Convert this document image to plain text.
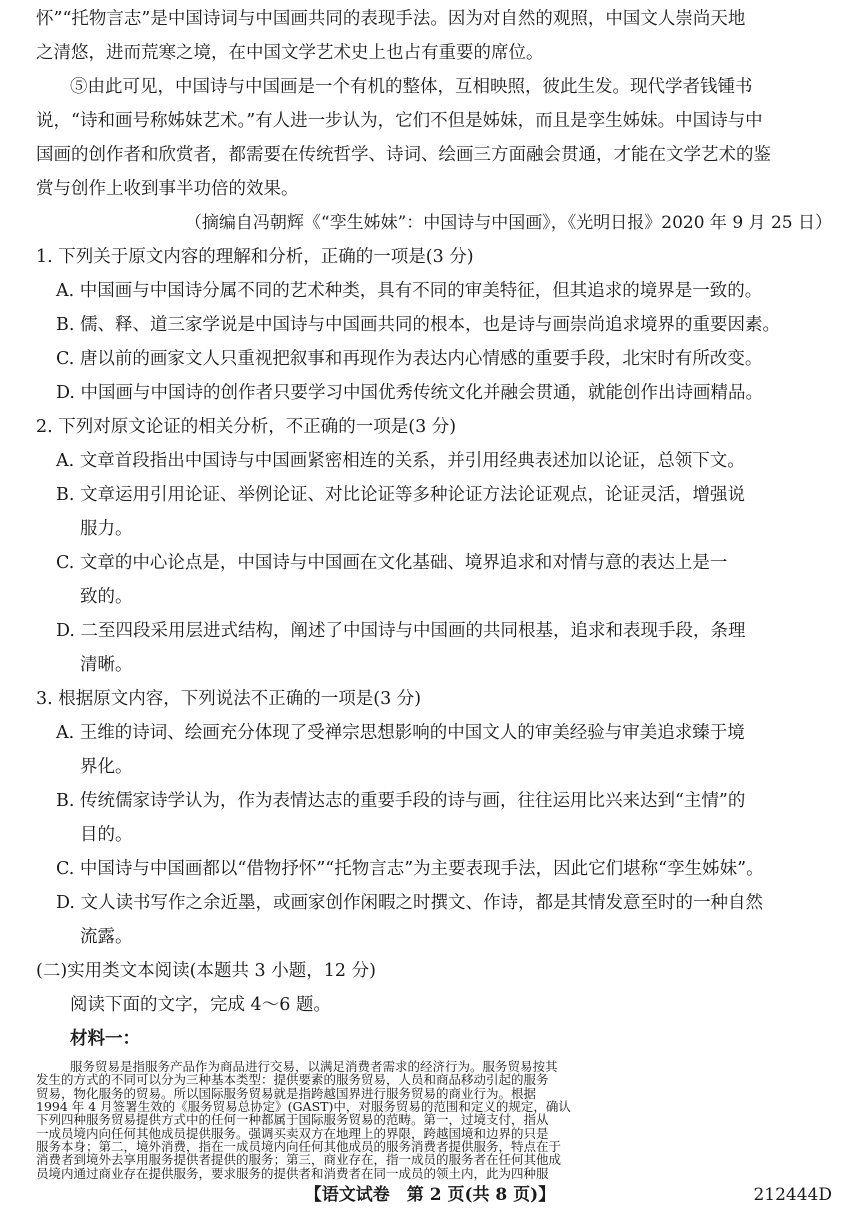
怀”“托物言志”是中国诗词与中国画共同的表现手法。因为对自然的观照，中国文人崇尚天地
之清悠，进而荒寒之境，在中国文学艺术史上也占有重要的席位。
⑤由此可见，中国诗与中国画是一个有机的整体，互相映照，彼此生发。现代学者钱锺书
说，“诗和画号称姊妹艺术。”有人进一步认为，它们不但是姊妹，而且是孪生姊妹。中国诗与中
国画的创作者和欣赏者，都需要在传统哲学、诗词、绘画三方面融会贯通，才能在文学艺术的鉴
赏与创作上收到事半功倍的效果。
（摘编自冯朝辉《“孪生姊妹”：中国诗与中国画》，《光明日报》2020 年 9 月 25 日）
1. 下列关于原文内容的理解和分析，正确的一项是(3 分)
A. 中国画与中国诗分属不同的艺术种类，具有不同的审美特征，但其追求的境界是一致的。
B. 儒、释、道三家学说是中国诗与中国画共同的根本，也是诗与画崇尚追求境界的重要因素。
C. 唐以前的画家文人只重视把叙事和再现作为表达内心情感的重要手段，北宋时有所改变。
D. 中国画与中国诗的创作者只要学习中国优秀传统文化并融会贯通，就能创作出诗画精品。
2. 下列对原文论证的相关分析，不正确的一项是(3 分)
A. 文章首段指出中国诗与中国画紧密相连的关系，并引用经典表述加以论证，总领下文。
B. 文章运用引用论证、举例论证、对比论证等多种论证方法论证观点，论证灵活，增强说
服力。
C. 文章的中心论点是，中国诗与中国画在文化基础、境界追求和对情与意的表达上是一
致的。
D. 二至四段采用层进式结构，阐述了中国诗与中国画的共同根基，追求和表现手段，条理
清晰。
3. 根据原文内容，下列说法不正确的一项是(3 分)
A. 王维的诗词、绘画充分体现了受禅宗思想影响的中国文人的审美经验与审美追求臻于境
界化。
B. 传统儒家诗学认为，作为表情达志的重要手段的诗与画，往往运用比兴来达到“主情”的
目的。
C. 中国诗与中国画都以“借物抒怀”“托物言志”为主要表现手法，因此它们堪称“孪生姊妹”。
D. 文人读书写作之余近墨，或画家创作闲暇之时撰文、作诗，都是其情发意至时的一种自然
流露。
(二)实用类文本阅读(本题共 3 小题，12 分)
阅读下面的文字，完成 4～6 题。
材料一：
【语文试卷　第 2 页(共 8 页)】	212444D
服务贸易是指服务产品作为商品进行交易，以满足消费者需求的经济行为。服务贸易按其
发生的方式的不同可以分为三种基本类型：提供要素的服务贸易，人员和商品移动引起的服务
贸易，物化服务的贸易。所以国际服务贸易就是指跨越国界进行服务贸易的商业行为。根据
1994 年 4 月签署生效的《服务贸易总协定》(GAST)中，对服务贸易的范围和定义的规定，确认
下列四种服务贸易提供方式中的任何一种都属于国际服务贸易的范畴。第一，过境支付，指从
一成员境内向任何其他成员提供服务。强调买卖双方在地理上的界限，跨越国境和边界的只是
服务本身；第二，境外消费，指在一成员境内向任何其他成员的服务消费者提供服务，特点在于
消费者到境外去享用服务提供者提供的服务；第三，商业存在，指一成员的服务者在任何其他成
员境内通过商业存在提供服务，要求服务的提供者和消费者在同一成员的领土内，此为四种服
